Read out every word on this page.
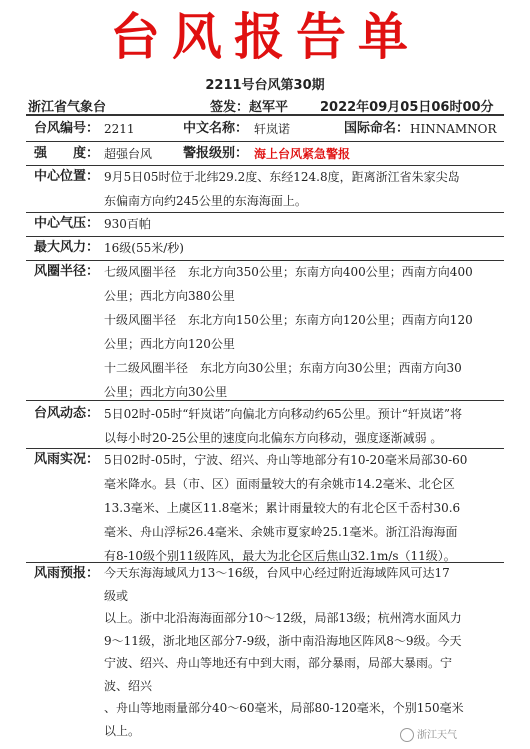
台风报告单
2211号台风第30期
浙江省气象台	签发：赵军平 2022年09月05日06时00分
台风编号： 2211	中文名称： 轩岚诺	国际命名： HINNAMNOR
强　　度： 超强台风 警报级别： 海上台风紧急警报
中心位置： 9月5日05时位于北纬29.2度、东经124.8度，距离浙江省朱家尖岛
东偏南方向约245公里的东海海面上。
中心气压： 930百帕
最大风力： 16级(55米/秒)
风圈半径： 七级风圈半径　东北方向350公里；东南方向400公里；西南方向400
公里；西北方向380公里
十级风圈半径　东北方向150公里；东南方向120公里；西南方向120
公里；西北方向120公里
十二级风圈半径　东北方向30公里；东南方向30公里；西南方向30
公里；西北方向30公里
台风动态： 5日02时-05时“轩岚诺”向偏北方向移动约65公里。预计“轩岚诺”将
以每小时20-25公里的速度向北偏东方向移动，强度逐渐减弱 。
风雨实况： 5日02时-05时，宁波、绍兴、舟山等地部分有10-20毫米局部30-60
毫米降水。县（市、区）面雨量较大的有余姚市14.2毫米、北仑区
13.3毫米、上虞区11.8毫米；累计雨量较大的有北仑区千岙村30.6
毫米、舟山浮标26.4毫米、余姚市夏家岭25.1毫米。浙江沿海海面
有8-10级个别11级阵风，最大为北仑区后焦山32.1m/s（11级）。
风雨预报： 今天东海海域风力13～16级，台风中心经过附近海域阵风可达17
级或
以上。浙中北沿海海面部分10～12级，局部13级；杭州湾水面风力
9～11级，浙北地区部分7-9级，浙中南沿海地区阵风8～9级。今天
宁波、绍兴、舟山等地还有中到大雨，部分暴雨，局部大暴雨。宁
波、绍兴
、舟山等地雨量部分40～60毫米，局部80-120毫米，个别150毫米
以上。	浙江天气
